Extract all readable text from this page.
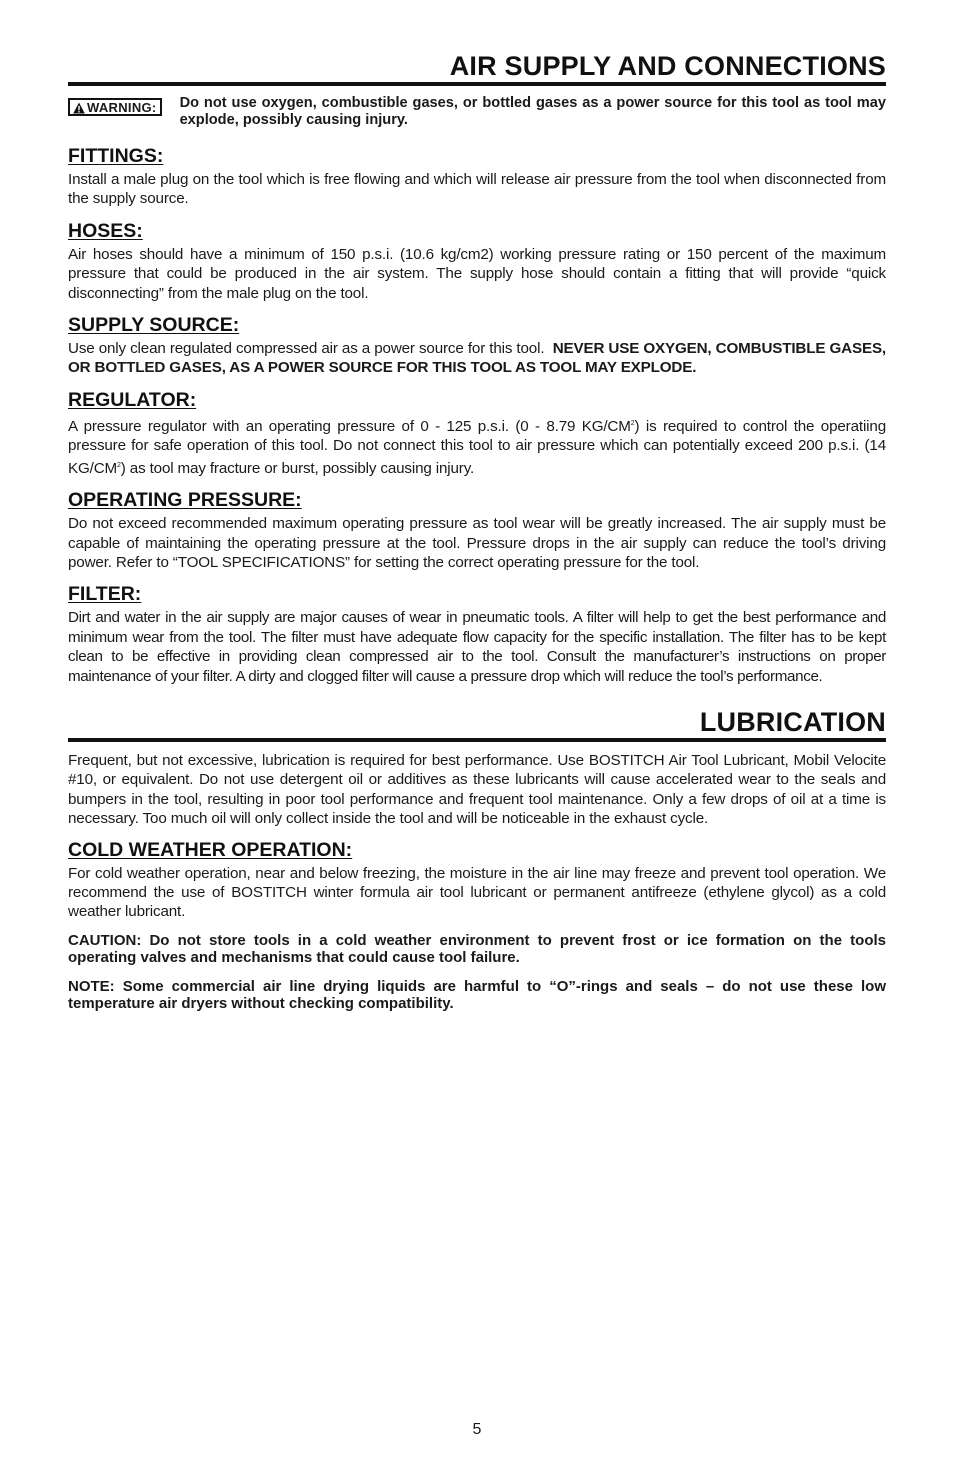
AIR SUPPLY AND CONNECTIONS
WARNING: Do not use oxygen, combustible gases, or bottled gases as a power source for this tool as tool may explode, possibly causing injury.
FITTINGS:

Install a male plug on the tool which is free flowing and which will release air pressure from the tool when disconnected from the supply source.

HOSES:

Air hoses should have a minimum of 150 p.s.i. (10.6 kg/cm2) working pressure rating or 150 percent of the maximum pressure that could be produced in the air system. The supply hose should contain a fitting that will provide “quick disconnecting” from the male plug on the tool.

SUPPLY SOURCE:

Use only clean regulated compressed air as a power source for this tool. NEVER USE OXYGEN, COMBUSTIBLE GASES, OR BOTTLED GASES, AS A POWER SOURCE FOR THIS TOOL AS TOOL MAY EXPLODE.

REGULATOR:

A pressure regulator with an operating pressure of 0 - 125 p.s.i. (0 - 8.79 $KG/CM^2$) is required to control the operatiing pressure for safe operation of this tool. Do not connect this tool to air pressure which can potentially exceed 200 p.s.i. (14 $KG/CM^2$) as tool may fracture or burst, possibly causing injury.

OPERATING PRESSURE:

Do not exceed recommended maximum operating pressure as tool wear will be greatly increased. The air supply must be capable of maintaining the operating pressure at the tool. Pressure drops in the air supply can reduce the tool’s driving power. Refer to “TOOL SPECIFICATIONS” for setting the correct operating pressure for the tool.

FILTER:

Dirt and water in the air supply are major causes of wear in pneumatic tools. A filter will help to get the best performance and minimum wear from the tool. The filter must have adequate flow capacity for the specific installation. The filter has to be kept clean to be effective in providing clean compressed air to the tool. Consult the manufacturer’s instructions on proper maintenance of your filter. A dirty and clogged filter will cause a pressure drop which will reduce the tool’s performance.

LUBRICATION

Frequent, but not excessive, lubrication is required for best performance. Use BOSTITCH Air Tool Lubricant, Mobil Velocite #10, or equivalent. Do not use detergent oil or additives as these lubricants will cause accelerated wear to the seals and bumpers in the tool, resulting in poor tool performance and frequent tool maintenance. Only a few drops of oil at a time is necessary. Too much oil will only collect inside the tool and will be noticeable in the exhaust cycle.

COLD WEATHER OPERATION:

For cold weather operation, near and below freezing, the moisture in the air line may freeze and prevent tool operation. We recommend the use of BOSTITCH winter formula air tool lubricant or permanent antifreeze (ethylene glycol) as a cold weather lubricant.

CAUTION: Do not store tools in a cold weather environment to prevent frost or ice formation on the tools operating valves and mechanisms that could cause tool failure.

NOTE: Some commercial air line drying liquids are harmful to “O”-rings and seals – do not use these low temperature air dryers without checking compatibility.

5
